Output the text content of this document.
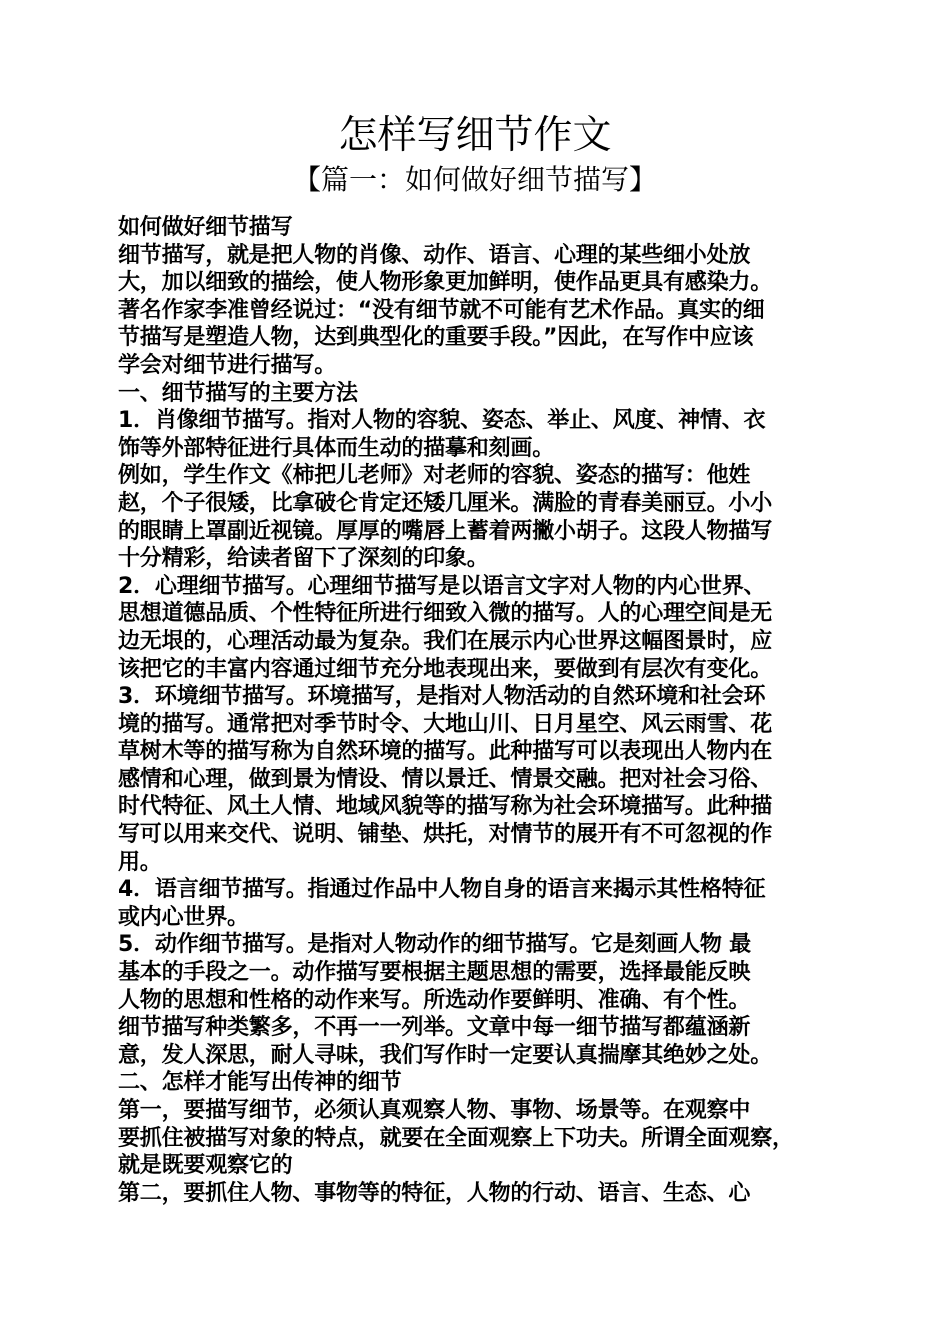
怎样写细节作文
【篇一：如何做好细节描写】
如何做好细节描写
细节描写，就是把人物的肖像、动作、语言、心理的某些细小处放
大，加以细致的描绘，使人物形象更加鲜明，使作品更具有感染力。
著名作家李准曾经说过：“没有细节就不可能有艺术作品。真实的细
节描写是塑造人物，达到典型化的重要手段。”因此，在写作中应该
学会对细节进行描写。
一、细节描写的主要方法
1．肖像细节描写。指对人物的容貌、姿态、举止、风度、神情、衣
饰等外部特征进行具体而生动的描摹和刻画。
例如，学生作文《柿把儿老师》对老师的容貌、姿态的描写：他姓
赵，个子很矮，比拿破仑肯定还矮几厘米。满脸的青春美丽豆。小小
的眼睛上罩副近视镜。厚厚的嘴唇上蓄着两撇小胡子。这段人物描写
十分精彩，给读者留下了深刻的印象。
2．心理细节描写。心理细节描写是以语言文字对人物的内心世界、
思想道德品质、个性特征所进行细致入微的描写。人的心理空间是无
边无垠的，心理活动最为复杂。我们在展示内心世界这幅图景时，应
该把它的丰富内容通过细节充分地表现出来，要做到有层次有变化。
3．环境细节描写。环境描写，是指对人物活动的自然环境和社会环
境的描写。通常把对季节时令、大地山川、日月星空、风云雨雪、花
草树木等的描写称为自然环境的描写。此种描写可以表现出人物内在
感情和心理，做到景为情设、情以景迁、情景交融。把对社会习俗、
时代特征、风土人情、地域风貌等的描写称为社会环境描写。此种描
写可以用来交代、说明、铺垫、烘托，对情节的展开有不可忽视的作
用。
4．语言细节描写。指通过作品中人物自身的语言来揭示其性格特征
或内心世界。
5．动作细节描写。是指对人物动作的细节描写。它是刻画人物 最
基本的手段之一。动作描写要根据主题思想的需要，选择最能反映
人物的思想和性格的动作来写。所选动作要鲜明、准确、有个性。
细节描写种类繁多，不再一一列举。文章中每一细节描写都蕴涵新
意，发人深思，耐人寻味，我们写作时一定要认真揣摩其绝妙之处。
二、怎样才能写出传神的细节
第一，要描写细节，必须认真观察人物、事物、场景等。在观察中
要抓住被描写对象的特点，就要在全面观察上下功夫。所谓全面观察，
就是既要观察它的
第二，要抓住人物、事物等的特征，人物的行动、语言、生态、心
